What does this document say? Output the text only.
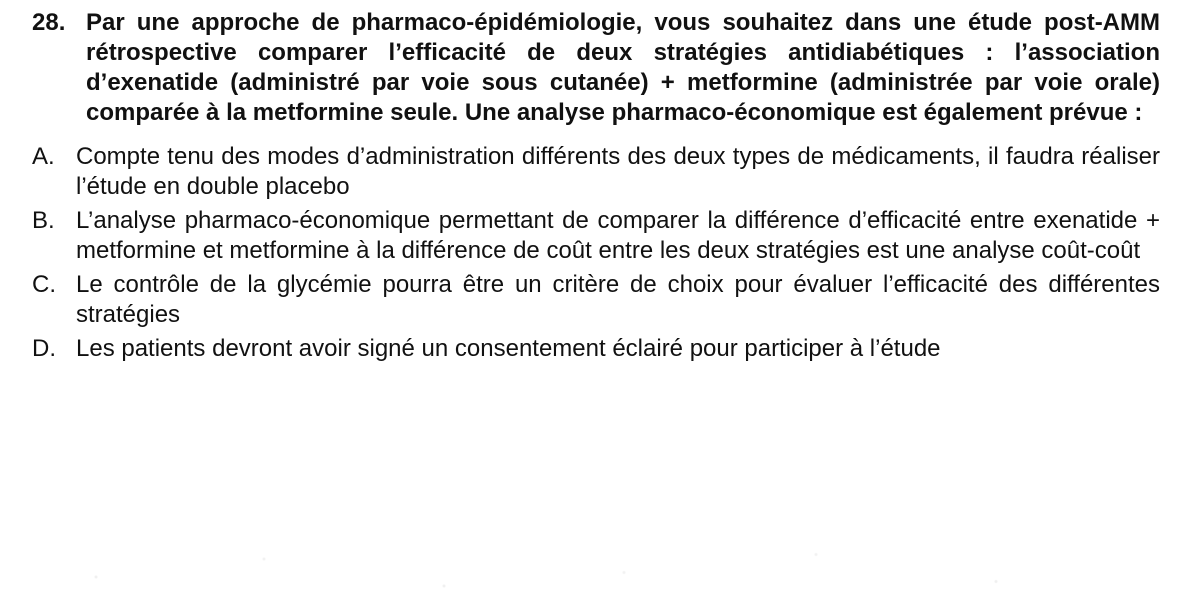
28. Par une approche de pharmaco-épidémiologie, vous souhaitez dans une étude post-AMM rétrospective comparer l’efficacité de deux stratégies antidiabétiques : l’association d’exenatide (administré par voie sous cutanée) + metformine (administrée par voie orale) comparée à la metformine seule. Une analyse pharmaco-économique est également prévue :
A. Compte tenu des modes d’administration différents des deux types de médicaments, il faudra réaliser l’étude en double placebo
B. L’analyse pharmaco-économique permettant de comparer la différence d’efficacité entre exenatide + metformine et metformine à la différence de coût entre les deux stratégies est une analyse coût-coût
C. Le contrôle de la glycémie pourra être un critère de choix pour évaluer l’efficacité des différentes stratégies
D. Les patients devront avoir signé un consentement éclairé pour participer à l’étude
